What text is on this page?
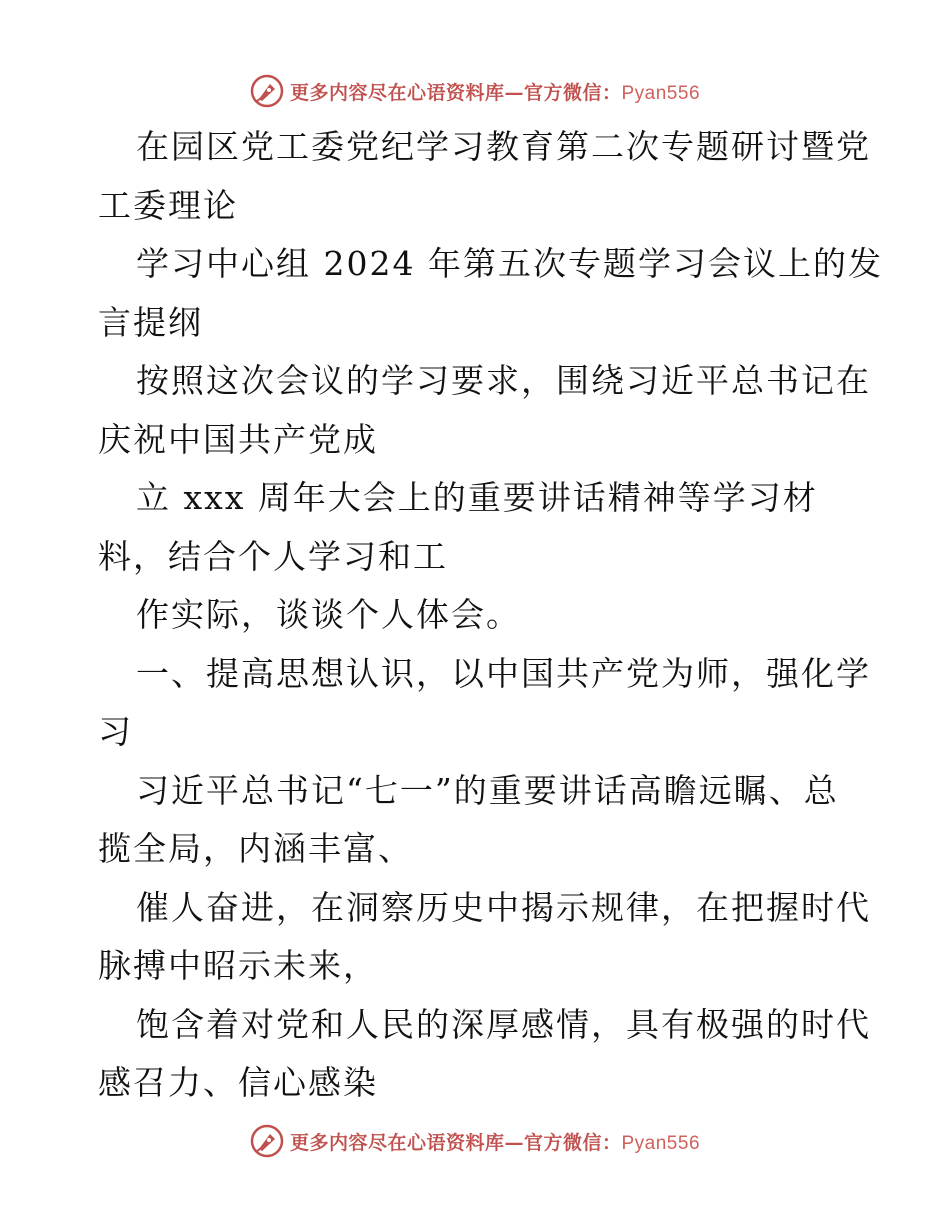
更多内容尽在心语资料库—官方微信：Pyan556
在园区党工委党纪学习教育第二次专题研讨暨党
工委理论
学习中心组 2024 年第五次专题学习会议上的发
言提纲
按照这次会议的学习要求，围绕习近平总书记在
庆祝中国共产党成
立 xxx 周年大会上的重要讲话精神等学习材
料，结合个人学习和工
作实际，谈谈个人体会。
一、提高思想认识，以中国共产党为师，强化学
习
习近平总书记“七一”的重要讲话高瞻远瞩、总
揽全局，内涵丰富、
催人奋进，在洞察历史中揭示规律，在把握时代
脉搏中昭示未来，
饱含着对党和人民的深厚感情，具有极强的时代
感召力、信心感染
更多内容尽在心语资料库—官方微信：Pyan556
